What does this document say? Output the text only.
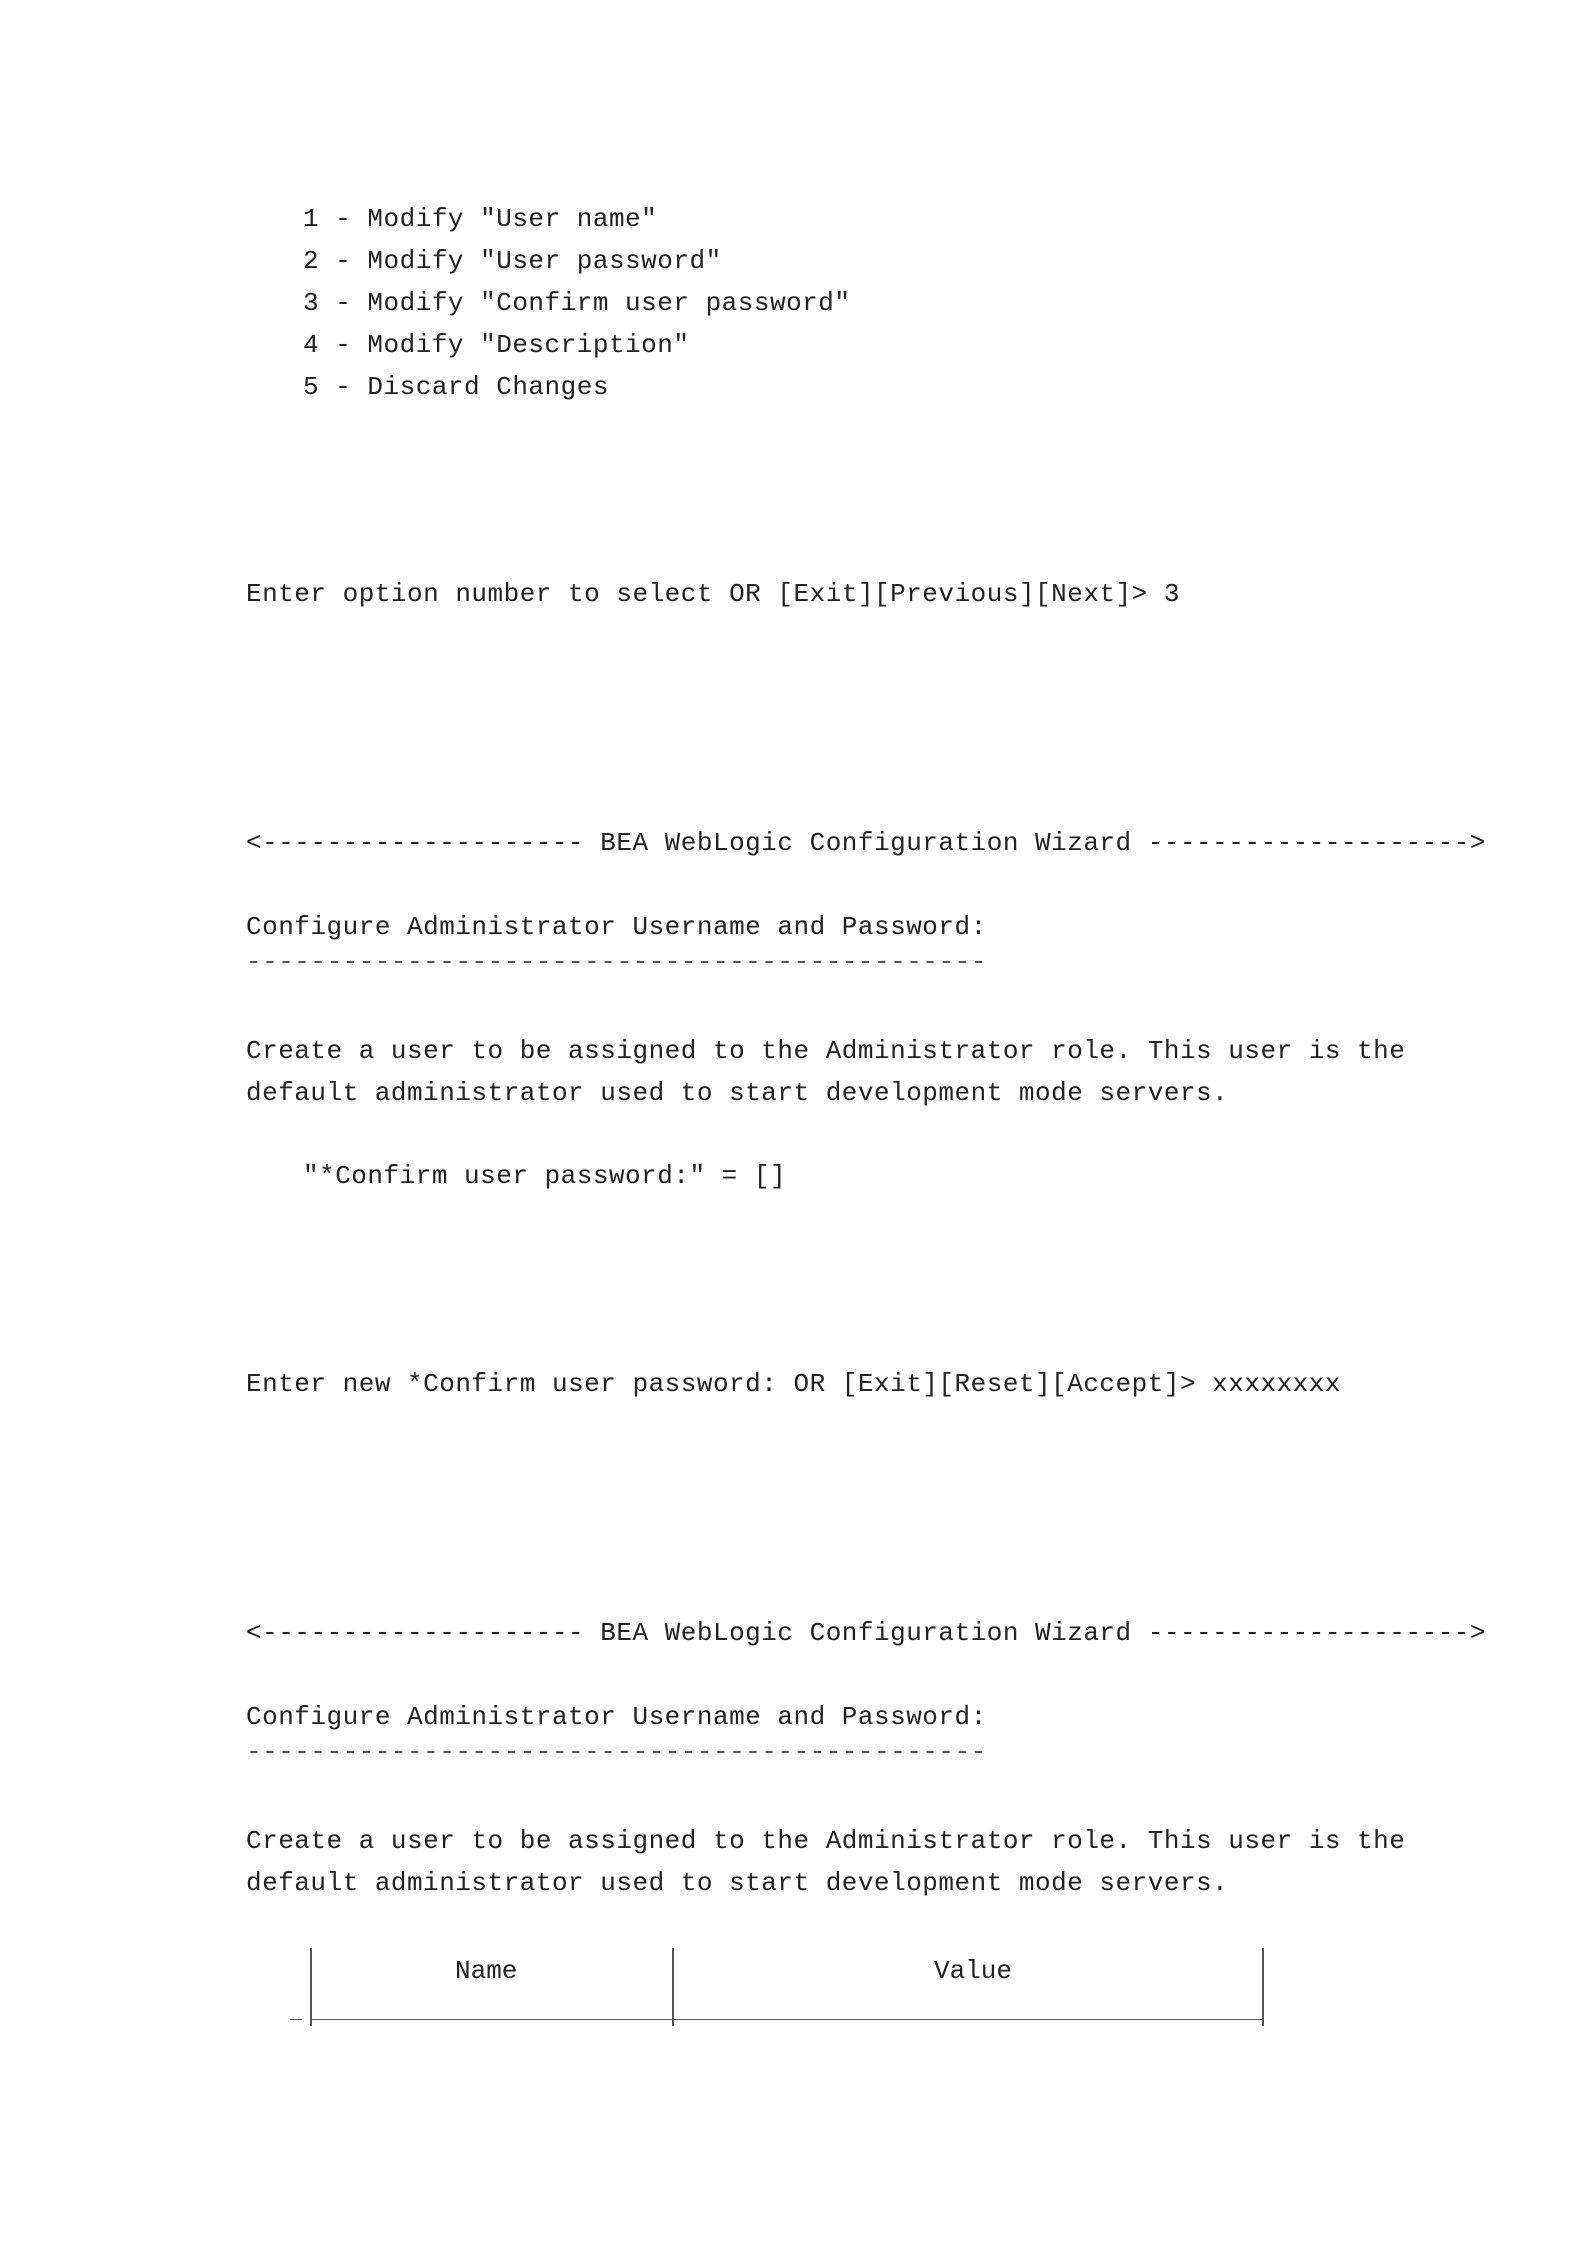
1 - Modify "User name"
2 - Modify "User password"
3 - Modify "Confirm user password"
4 - Modify "Description"
5 - Discard Changes
Enter option number to select OR [Exit][Previous][Next]> 3
<-------------------- BEA WebLogic Configuration Wizard -------------------->
Configure Administrator Username and Password:
----------------------------------------------
Create a user to be assigned to the Administrator role. This user is the
default administrator used to start development mode servers.
"*Confirm user password:" = []
Enter new *Confirm user password: OR [Exit][Reset][Accept]> xxxxxxxx
<-------------------- BEA WebLogic Configuration Wizard -------------------->
Configure Administrator Username and Password:
----------------------------------------------
Create a user to be assigned to the Administrator role. This user is the
default administrator used to start development mode servers.
Name	Value
